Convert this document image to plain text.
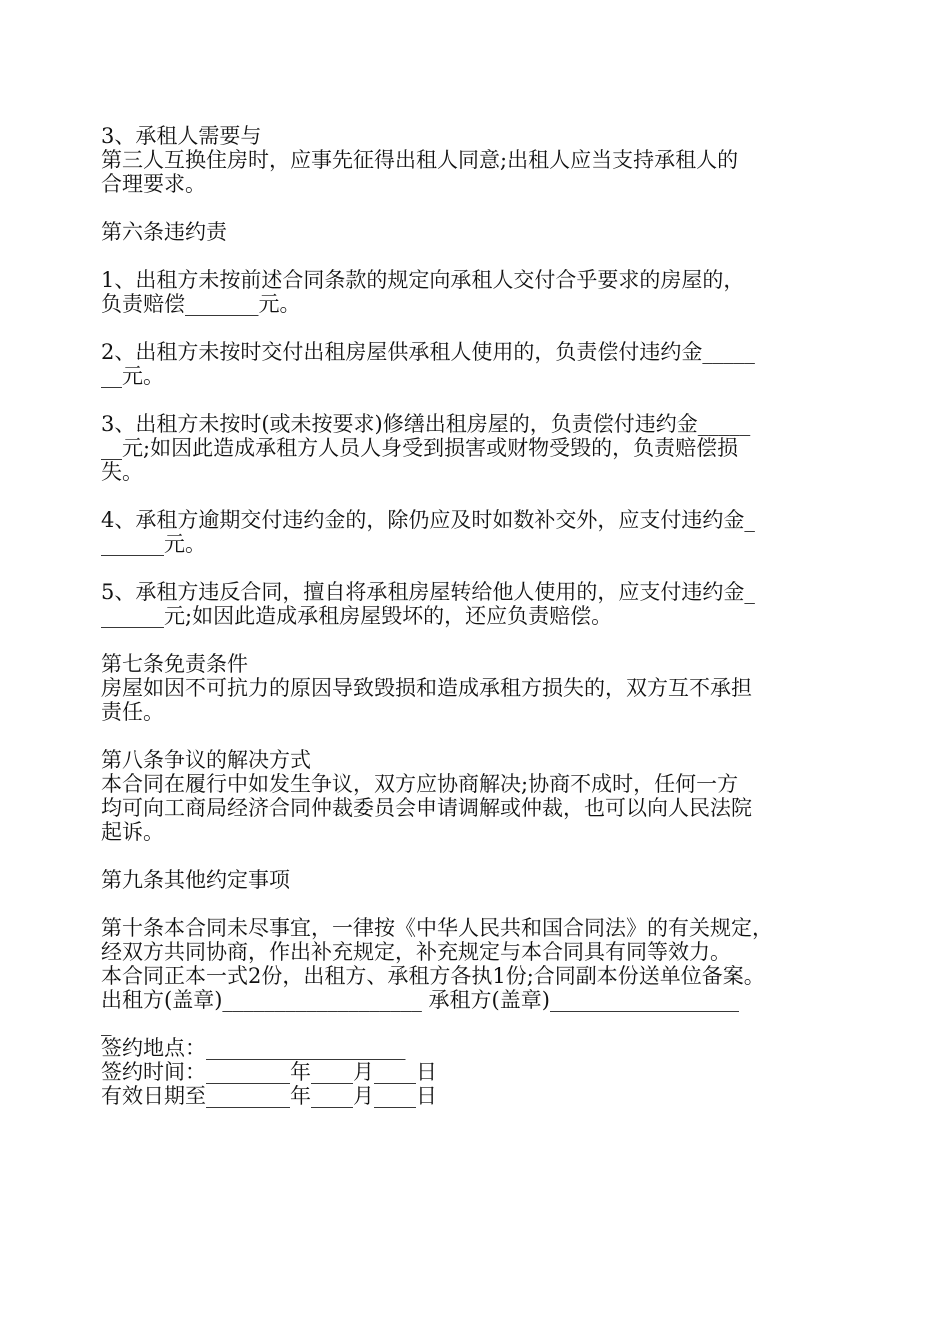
3、承租人需要与
第三人互换住房时，应事先征得出租人同意;出租人应当支持承租人的
合理要求。
第六条违约责
1、出租方未按前述合同条款的规定向承租人交付合乎要求的房屋的，
负责赔偿_______元。
2、出租方未按时交付出租房屋供承租人使用的，负责偿付违约金_____
__元。
3、出租方未按时(或未按要求)修缮出租房屋的，负责偿付违约金_____
__元;如因此造成承租方人员人身受到损害或财物受毁的，负责赔偿损
失。
4、承租方逾期交付违约金的，除仍应及时如数补交外，应支付违约金_
______元。
5、承租方违反合同，擅自将承租房屋转给他人使用的，应支付违约金_
______元;如因此造成承租房屋毁坏的，还应负责赔偿。
第七条免责条件
房屋如因不可抗力的原因导致毁损和造成承租方损失的，双方互不承担
责任。
第八条争议的解决方式
本合同在履行中如发生争议，双方应协商解决;协商不成时，任何一方
均可向工商局经济合同仲裁委员会申请调解或仲裁，也可以向人民法院
起诉。
第九条其他约定事项
第十条本合同未尽事宜，一律按《中华人民共和国合同法》的有关规定，
经双方共同协商，作出补充规定，补充规定与本合同具有同等效力。
本合同正本一式2份，出租方、承租方各执1份;合同副本份送单位备案。
出租方(盖章)___________________ 承租方(盖章)__________________
_
签约地点：___________________
签约时间：________年____月____日
有效日期至________年____月____日
